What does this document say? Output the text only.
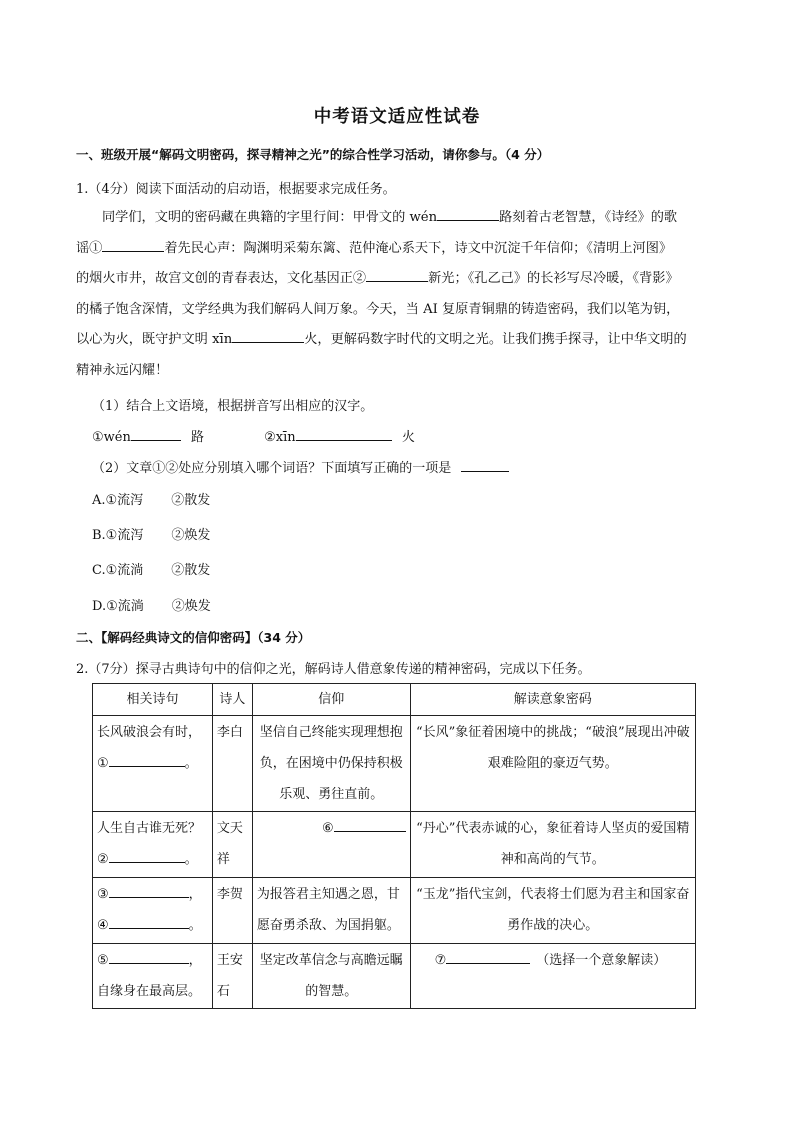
中考语文适应性试卷
一、班级开展“解码文明密码，探寻精神之光”的综合性学习活动，请你参与。（4 分）
1.（4分）阅读下面活动的启动语，根据要求完成任务。
同学们，文明的密码藏在典籍的字里行间：甲骨文的 wén	路刻着古老智慧，《诗经》的歌
谣①	着先民心声：陶渊明采菊东篱、范仲淹心系天下，诗文中沉淀千年信仰；《清明上河图》
的烟火市井，故宫文创的青春表达，文化基因正②	新光；《孔乙己》的长衫写尽冷暖，《背影》
的橘子饱含深情，文学经典为我们解码人间万象。今天，当 AI 复原青铜鼎的铸造密码，我们以笔为钥，
以心为火，既守护文明 xīn	火，更解码数字时代的文明之光。让我们携手探寻，让中华文明的
精神永远闪耀！
（1）结合上文语境，根据拼音写出相应的汉字。
①wén	路	②xīn	火
（2）文章①②处应分别填入哪个词语？下面填写正确的一项是
A.①流泻 ②散发
B.①流泻 ②焕发
C.①流淌 ②散发
D.①流淌 ②焕发
二、【解码经典诗文的信仰密码】（34 分）
2.（7分）探寻古典诗句中的信仰之光，解码诗人借意象传递的精神密码，完成以下任务。
相关诗句	诗人	信仰	解读意象密码

长风破浪会有时，
① 。	李白	坚信自己终能实现理想抱负，在困境中仍保持积极乐观、勇往直前。	“长风”象征着困境中的挑战；“破浪”展现出冲破艰难险阻的豪迈气势。

人生自古谁无死？
② 。	文天祥	⑥	“丹心”代表赤诚的心，象征着诗人坚贞的爱国精神和高尚的气节。

③ ，
④ 。	李贺	为报答君主知遇之恩，甘愿奋勇杀敌、为国捐躯。	“玉龙”指代宝剑，代表将士们愿为君主和国家奋勇作战的决心。

⑤ ，
自缘身在最高层。	王安石	坚定改革信念与高瞻远瞩的智慧。	⑦ （选择一个意象解读）
